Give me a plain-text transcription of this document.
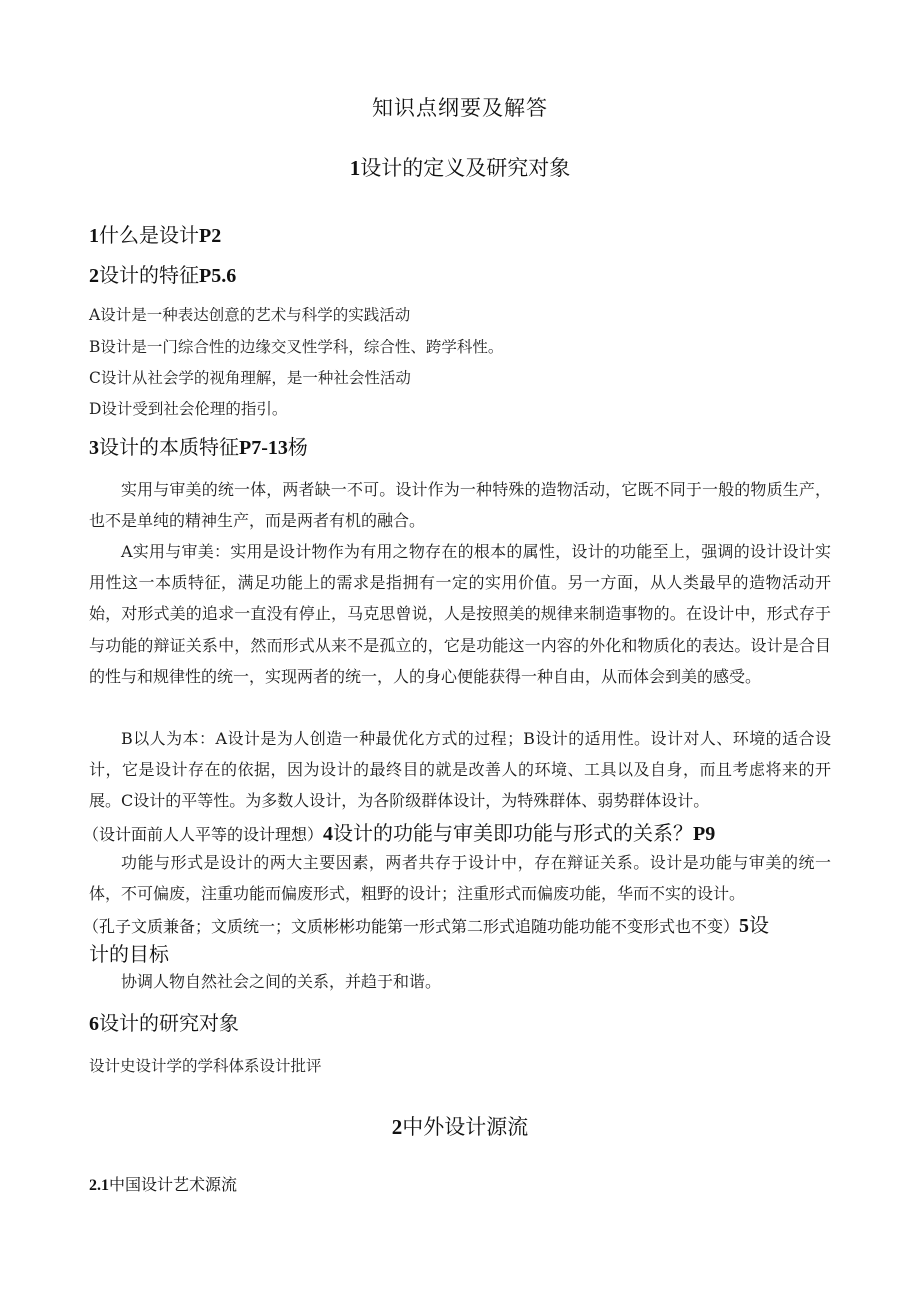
知识点纲要及解答
1设计的定义及研究对象
1什么是设计P2
2设计的特征P5.6
A设计是一种表达创意的艺术与科学的实践活动
B设计是一门综合性的边缘交叉性学科，综合性、跨学科性。
C设计从社会学的视角理解，是一种社会性活动
D设计受到社会伦理的指引。
3设计的本质特征P7-13杨

实用与审美的统一体，两者缺一不可。设计作为一种特殊的造物活动，它既不同于一般的物质生产，也不是单纯的精神生产，而是两者有机的融合。

A实用与审美：实用是设计物作为有用之物存在的根本的属性，设计的功能至上，强调的设计设计实用性这一本质特征，满足功能上的需求是指拥有一定的实用价值。另一方面，从人类最早的造物活动开始，对形式美的追求一直没有停止，马克思曾说，人是按照美的规律来制造事物的。在设计中，形式存于与功能的辩证关系中，然而形式从来不是孤立的，它是功能这一内容的外化和物质化的表达。设计是合目的性与和规律性的统一，实现两者的统一，人的身心便能获得一种自由，从而体会到美的感受。

B以人为本：A设计是为人创造一种最优化方式的过程；B设计的适用性。设计对人、环境的适合设计，它是设计存在的依据，因为设计的最终目的就是改善人的环境、工具以及自身，而且考虑将来的开展。C设计的平等性。为多数人设计，为各阶级群体设计，为特殊群体、弱势群体设计。

（设计面前人人平等的设计理想）4设计的功能与审美即功能与形式的关系？P9

功能与形式是设计的两大主要因素，两者共存于设计中，存在辩证关系。设计是功能与审美的统一体，不可偏废，注重功能而偏废形式，粗野的设计；注重形式而偏废功能，华而不实的设计。

（孔子文质兼备；文质统一；文质彬彬功能第一形式第二形式追随功能功能不变形式也不变）5设
计的目标

协调人物自然社会之间的关系，并趋于和谐。

6设计的研究对象
设计史设计学的学科体系设计批评
2中外设计源流
2.1中国设计艺术源流
